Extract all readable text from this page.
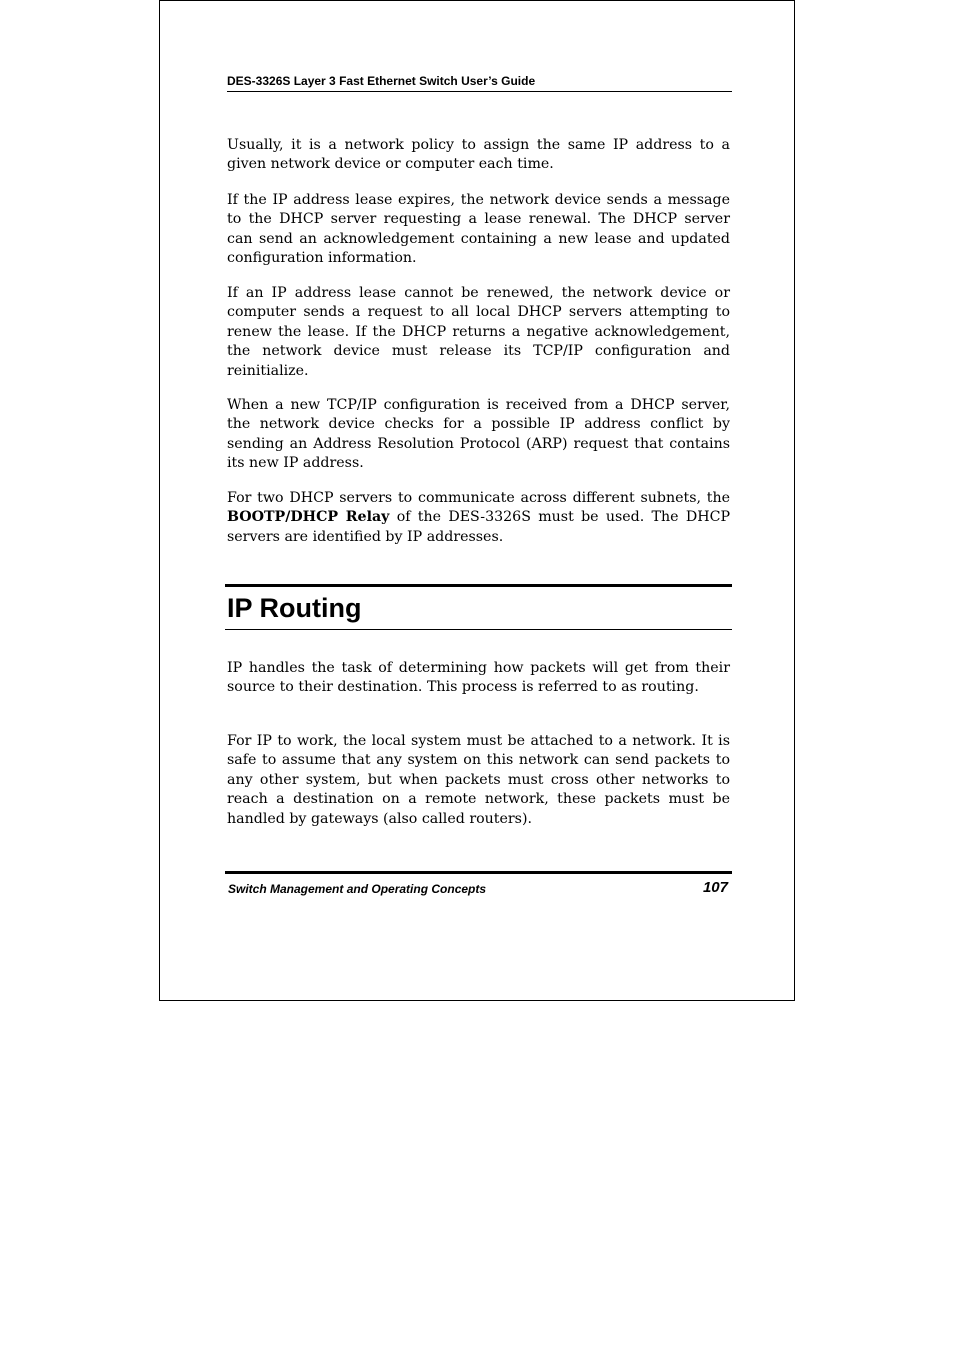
DES-3326S Layer 3 Fast Ethernet Switch User’s Guide

Usually, it is a network policy to assign the same IP address to a given network device or computer each time.

If the IP address lease expires, the network device sends a message to the DHCP server requesting a lease renewal. The DHCP server can send an acknowledgement containing a new lease and updated configuration information.

If an IP address lease cannot be renewed, the network device or computer sends a request to all local DHCP servers attempting to renew the lease. If the DHCP returns a negative acknowledgement, the network device must release its TCP/IP configuration and reinitialize.

When a new TCP/IP configuration is received from a DHCP server, the network device checks for a possible IP address conflict by sending an Address Resolution Protocol (ARP) request that contains its new IP address.

For two DHCP servers to communicate across different subnets, the BOOTP/DHCP Relay of the DES-3326S must be used. The DHCP servers are identified by IP addresses.

IP Routing

IP handles the task of determining how packets will get from their source to their destination. This process is referred to as routing.

For IP to work, the local system must be attached to a network. It is safe to assume that any system on this network can send packets to any other system, but when packets must cross other networks to reach a destination on a remote network, these packets must be handled by gateways (also called routers).

Switch Management and Operating Concepts	107
